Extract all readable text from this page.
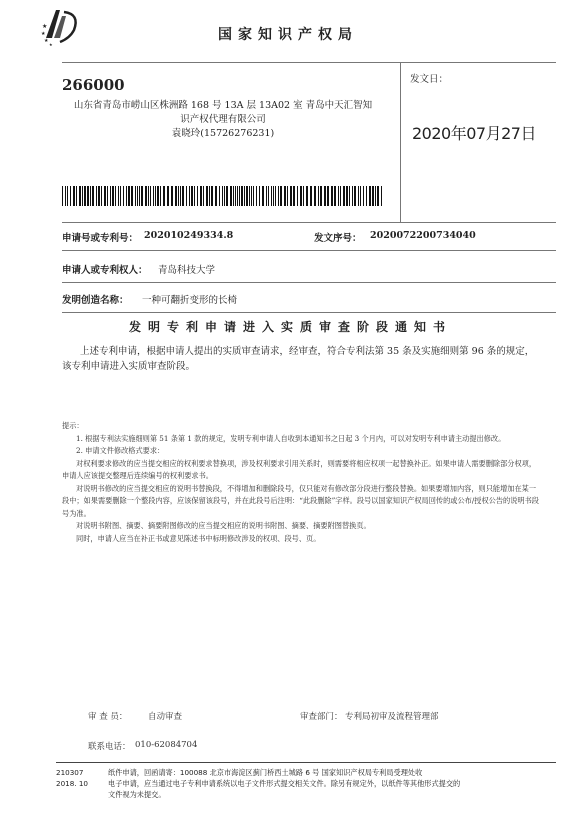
★
★
★
★
国家知识产权局
266000
山东省青岛市崂山区株洲路 168 号 13A 层 13A02 室 青岛中天汇智知
识产权代理有限公司
袁晓玲(15726276231)
发文日：
2020年07月27日
申请号或专利号： 202010249334.8	发文序号： 2020072200734040
申请人或专利权人： 青岛科技大学
发明创造名称： 一种可翻折变形的长椅
发明专利申请进入实质审查阶段通知书
上述专利申请，根据申请人提出的实质审查请求，经审查，符合专利法第 35 条及实施细则第 96 条的规定，该专利申请进入实质审查阶段。

提示：

1. 根据专利法实施细则第 51 条第 1 款的规定，发明专利申请人自收到本通知书之日起 3 个月内，可以对发明专利申请主动提出修改。

2. 申请文件修改格式要求：

对权利要求修改的应当提交相应的权利要求替换项，涉及权利要求引用关系时，则需要将相应权项一起替换补正。如果申请人需要删除部分权项，申请人应该提交整理后连续编号的权利要求书。

对说明书修改的应当提交相应的说明书替换段，不得增加和删除段号，仅只能对有修改部分段进行整段替换。如果要增加内容，则只能增加在某一段中；如果需要删除一个整段内容，应该保留该段号，并在此段号后注明：“此段删除”字样。段号以国家知识产权局回传的或公布/授权公告的说明书段号为准。

对说明书附图、摘要、摘要附图修改的应当提交相应的说明书附图、摘要、摘要附图替换页。

同时，申请人应当在补正书或意见陈述书中标明修改涉及的权项、段号、页。

审 查 员： 自动审查	审查部门： 专利局初审及流程管理部
联系电话： 010-62084704
210307
2018. 10
纸件申请，回函请寄：100088 北京市海淀区蓟门桥西土城路 6 号 国家知识产权局专利局受理处收
电子申请，应当通过电子专利申请系统以电子文件形式提交相关文件。除另有规定外，以纸件等其他形式提交的
文件视为未提交。
